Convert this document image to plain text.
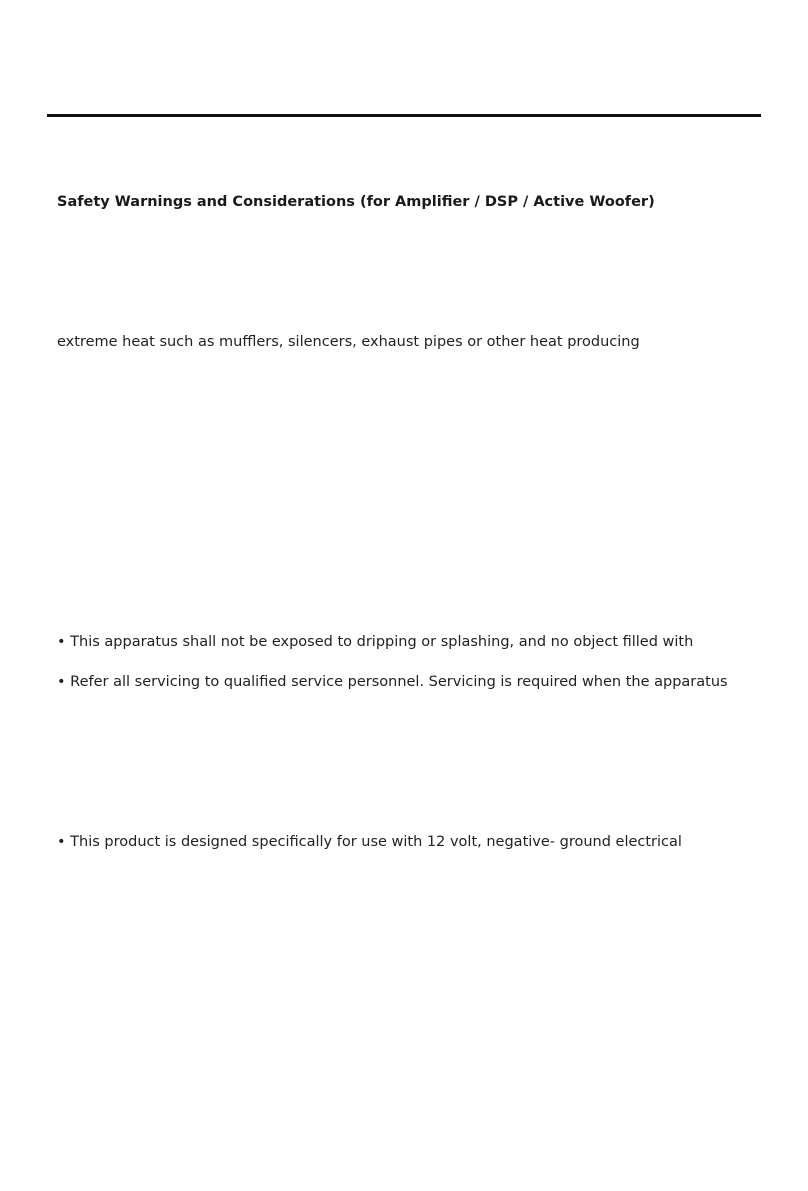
Safety Warnings and Considerations (for Amplifier / DSP / Active Woofer)
extreme heat such as mufflers, silencers, exhaust pipes or other heat producing
• This apparatus shall not be exposed to dripping or splashing, and no object filled with
• Refer all servicing to qualified service personnel. Servicing is required when the apparatus
• This product is designed specifically for use with 12 volt, negative- ground electrical
